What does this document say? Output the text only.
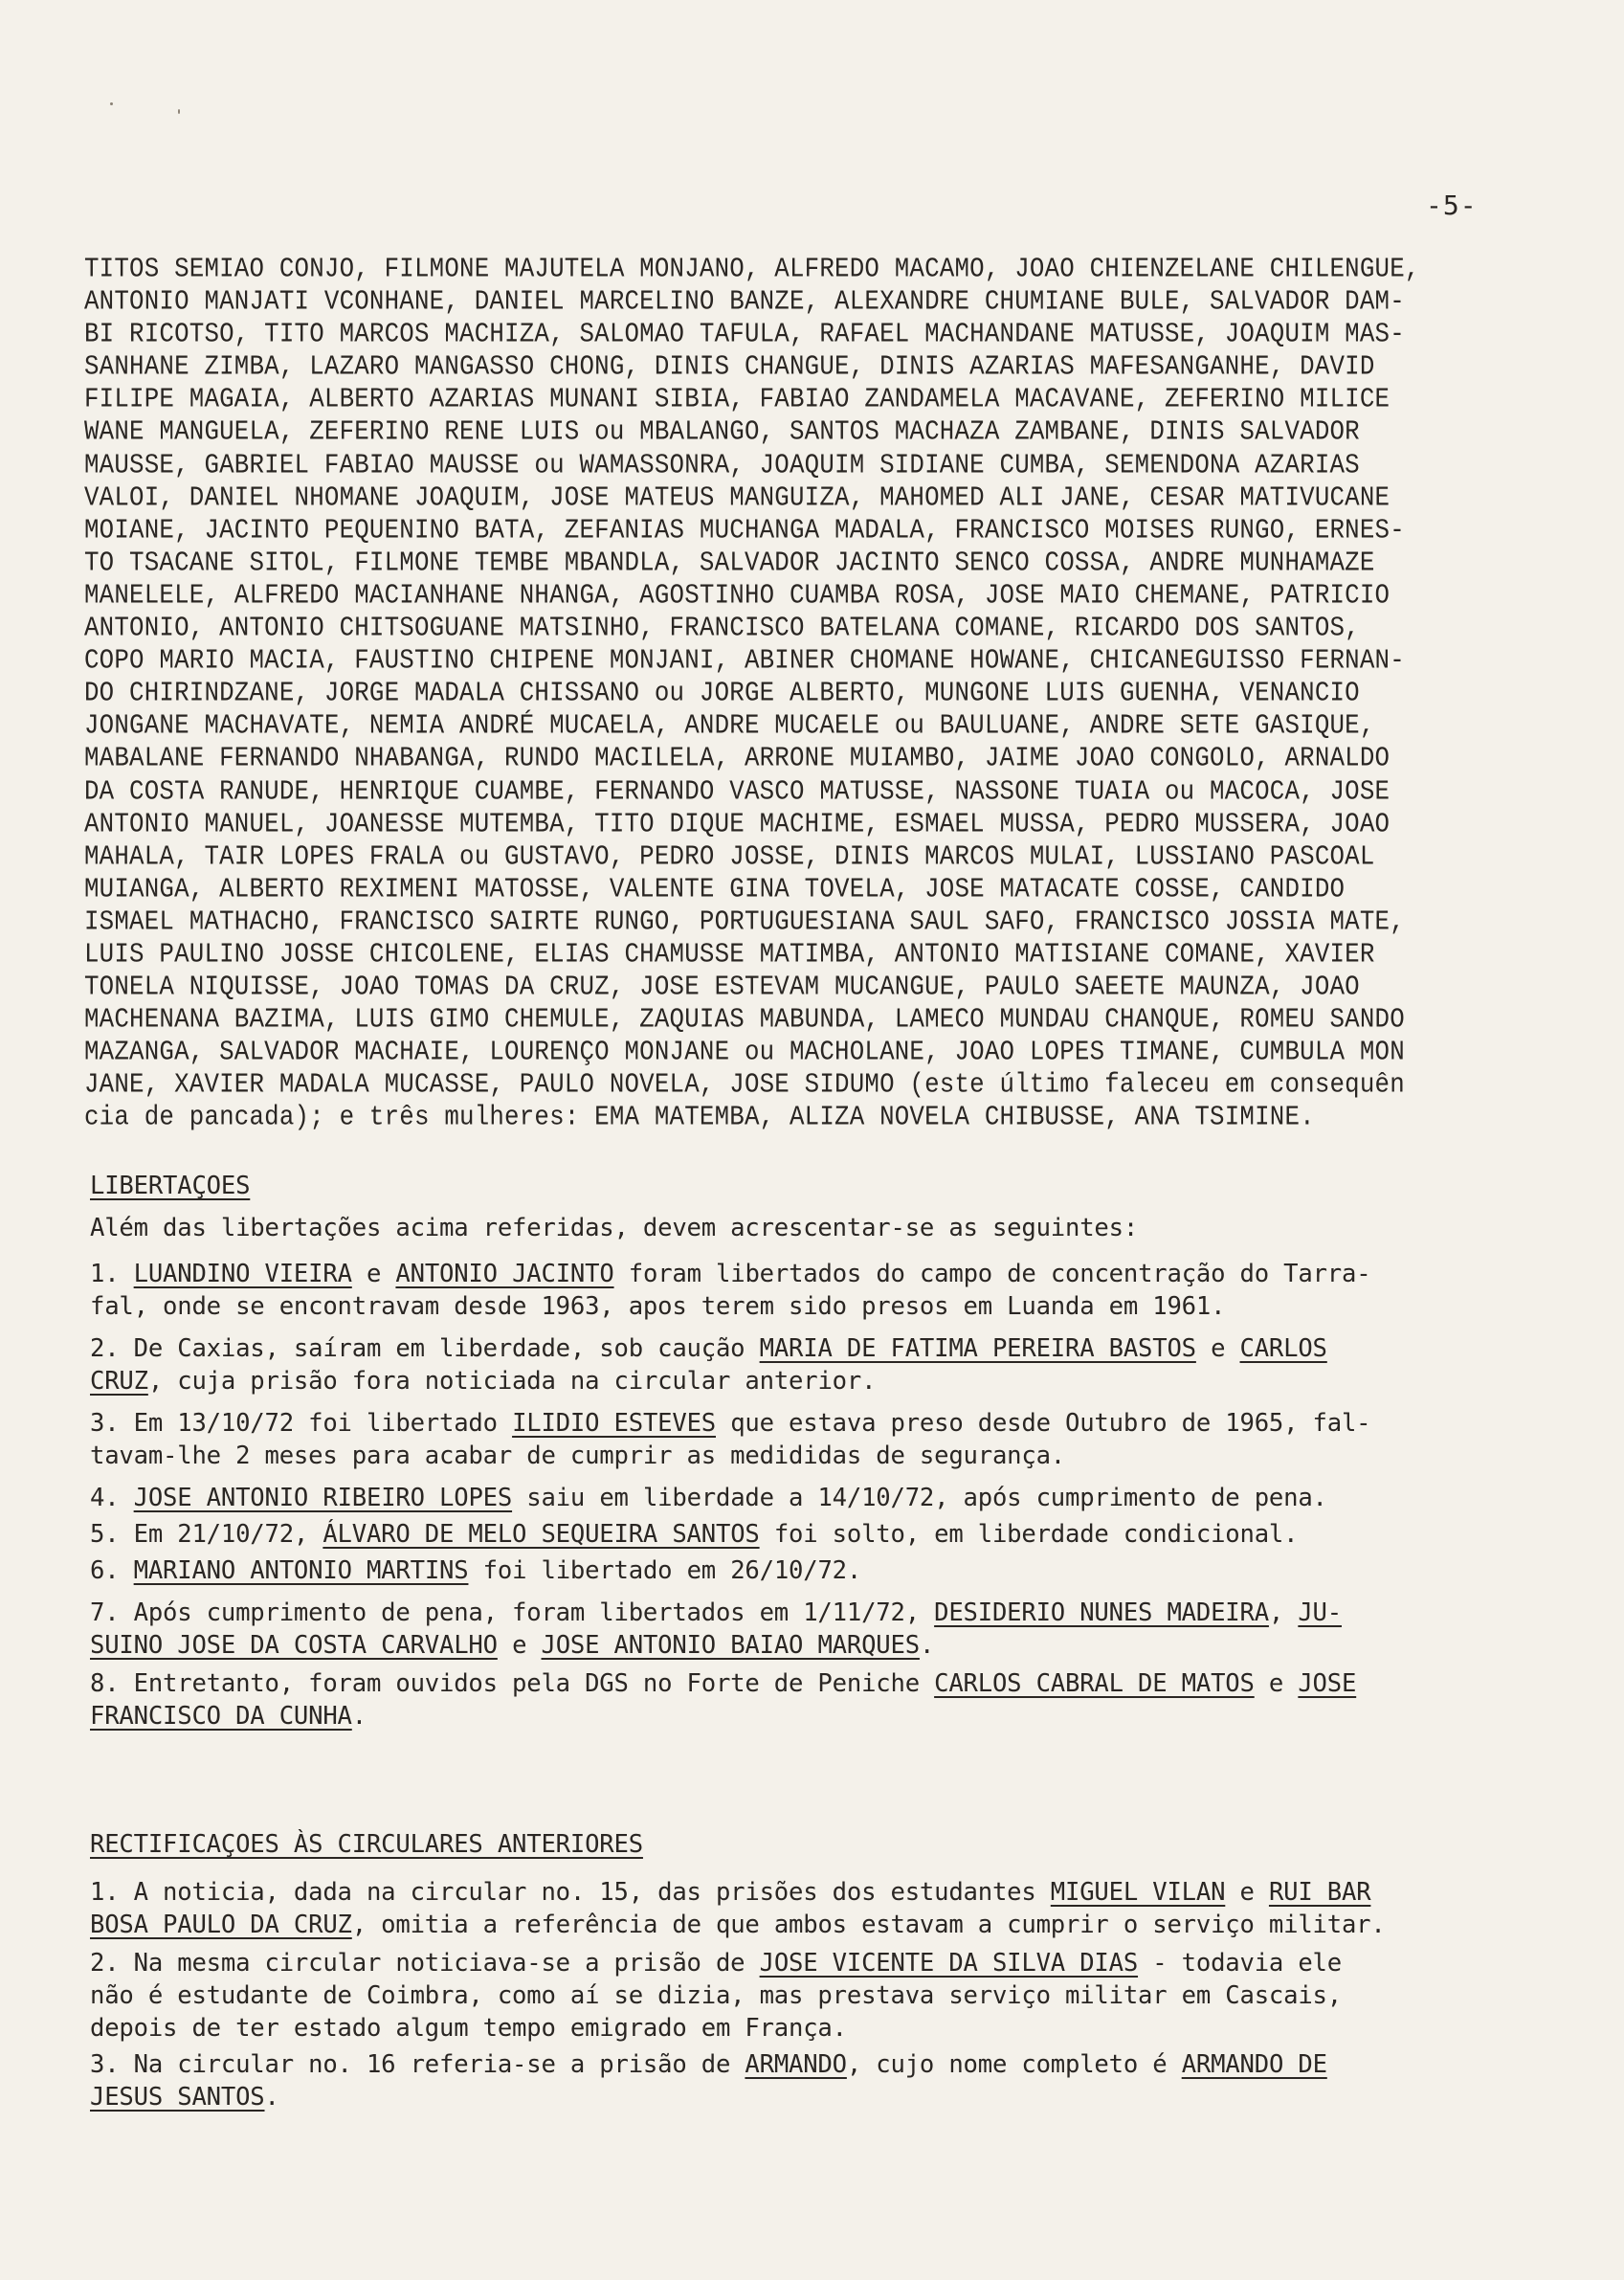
-5-
TITOS SEMIAO CONJO, FILMONE MAJUTELA MONJANO, ALFREDO MACAMO, JOAO CHIENZELANE CHILENGUE,
ANTONIO MANJATI VCONHANE, DANIEL MARCELINO BANZE, ALEXANDRE CHUMIANE BULE, SALVADOR DAM-
BI RICOTSO, TITO MARCOS MACHIZA, SALOMAO TAFULA, RAFAEL MACHANDANE MATUSSE, JOAQUIM MAS-
SANHANE ZIMBA, LAZARO MANGASSO CHONG, DINIS CHANGUE, DINIS AZARIAS MAFESANGANHE, DAVID
FILIPE MAGAIA, ALBERTO AZARIAS MUNANI SIBIA, FABIAO ZANDAMELA MACAVANE, ZEFERINO MILICE
WANE MANGUELA, ZEFERINO RENE LUIS ou MBALANGO, SANTOS MACHAZA ZAMBANE, DINIS SALVADOR
MAUSSE, GABRIEL FABIAO MAUSSE ou WAMASSONRA, JOAQUIM SIDIANE CUMBA, SEMENDONA AZARIAS
VALOI, DANIEL NHOMANE JOAQUIM, JOSE MATEUS MANGUIZA, MAHOMED ALI JANE, CESAR MATIVUCANE
MOIANE, JACINTO PEQUENINO BATA, ZEFANIAS MUCHANGA MADALA, FRANCISCO MOISES RUNGO, ERNES-
TO TSACANE SITOL, FILMONE TEMBE MBANDLA, SALVADOR JACINTO SENCO COSSA, ANDRE MUNHAMAZE
MANELELE, ALFREDO MACIANHANE NHANGA, AGOSTINHO CUAMBA ROSA, JOSE MAIO CHEMANE, PATRICIO
ANTONIO, ANTONIO CHITSOGUANE MATSINHO, FRANCISCO BATELANA COMANE, RICARDO DOS SANTOS,
COPO MARIO MACIA, FAUSTINO CHIPENE MONJANI, ABINER CHOMANE HOWANE, CHICANEGUISSO FERNAN-
DO CHIRINDZANE, JORGE MADALA CHISSANO ou JORGE ALBERTO, MUNGONE LUIS GUENHA, VENANCIO
JONGANE MACHAVATE, NEMIA ANDRÉ MUCAELA, ANDRE MUCAELE ou BAULUANE, ANDRE SETE GASIQUE,
MABALANE FERNANDO NHABANGA, RUNDO MACILELA, ARRONE MUIAMBO, JAIME JOAO CONGOLO, ARNALDO
DA COSTA RANUDE, HENRIQUE CUAMBE, FERNANDO VASCO MATUSSE, NASSONE TUAIA ou MACOCA, JOSE
ANTONIO MANUEL, JOANESSE MUTEMBA, TITO DIQUE MACHIME, ESMAEL MUSSA, PEDRO MUSSERA, JOAO
MAHALA, TAIR LOPES FRALA ou GUSTAVO, PEDRO JOSSE, DINIS MARCOS MULAI, LUSSIANO PASCOAL
MUIANGA, ALBERTO REXIMENI MATOSSE, VALENTE GINA TOVELA, JOSE MATACATE COSSE, CANDIDO
ISMAEL MATHACHO, FRANCISCO SAIRTE RUNGO, PORTUGUESIANA SAUL SAFO, FRANCISCO JOSSIA MATE,
LUIS PAULINO JOSSE CHICOLENE, ELIAS CHAMUSSE MATIMBA, ANTONIO MATISIANE COMANE, XAVIER
TONELA NIQUISSE, JOAO TOMAS DA CRUZ, JOSE ESTEVAM MUCANGUE, PAULO SAEETE MAUNZA, JOAO
MACHENANA BAZIMA, LUIS GIMO CHEMULE, ZAQUIAS MABUNDA, LAMECO MUNDAU CHANQUE, ROMEU SANDO
MAZANGA, SALVADOR MACHAIE, LOURENÇO MONJANE ou MACHOLANE, JOAO LOPES TIMANE, CUMBULA MON
JANE, XAVIER MADALA MUCASSE, PAULO NOVELA, JOSE SIDUMO (este último faleceu em consequên
cia de pancada); e três mulheres: EMA MATEMBA, ALIZA NOVELA CHIBUSSE, ANA TSIMINE.
LIBERTAÇOES
Além das libertações acima referidas, devem acrescentar-se as seguintes:
1. LUANDINO VIEIRA e ANTONIO JACINTO foram libertados do campo de concentração do Tarra-
fal, onde se encontravam desde 1963, apos terem sido presos em Luanda em 1961.
2. De Caxias, saíram em liberdade, sob caução MARIA DE FATIMA PEREIRA BASTOS e CARLOS
CRUZ, cuja prisão fora noticiada na circular anterior.
3. Em 13/10/72 foi libertado ILIDIO ESTEVES que estava preso desde Outubro de 1965, fal-
tavam-lhe 2 meses para acabar de cumprir as medididas de segurança.
4. JOSE ANTONIO RIBEIRO LOPES saiu em liberdade a 14/10/72, após cumprimento de pena.
5. Em 21/10/72, ÁLVARO DE MELO SEQUEIRA SANTOS foi solto, em liberdade condicional.
6. MARIANO ANTONIO MARTINS foi libertado em 26/10/72.
7. Após cumprimento de pena, foram libertados em 1/11/72, DESIDERIO NUNES MADEIRA, JU-
SUINO JOSE DA COSTA CARVALHO e JOSE ANTONIO BAIAO MARQUES.
8. Entretanto, foram ouvidos pela DGS no Forte de Peniche CARLOS CABRAL DE MATOS e JOSE
FRANCISCO DA CUNHA.
RECTIFICAÇOES ÀS CIRCULARES ANTERIORES
1. A noticia, dada na circular no. 15, das prisões dos estudantes MIGUEL VILAN e RUI BAR
BOSA PAULO DA CRUZ, omitia a referência de que ambos estavam a cumprir o serviço militar.
2. Na mesma circular noticiava-se a prisão de JOSE VICENTE DA SILVA DIAS - todavia ele
não é estudante de Coimbra, como aí se dizia, mas prestava serviço militar em Cascais,
depois de ter estado algum tempo emigrado em França.
3. Na circular no. 16 referia-se a prisão de ARMANDO, cujo nome completo é ARMANDO DE
JESUS SANTOS.
